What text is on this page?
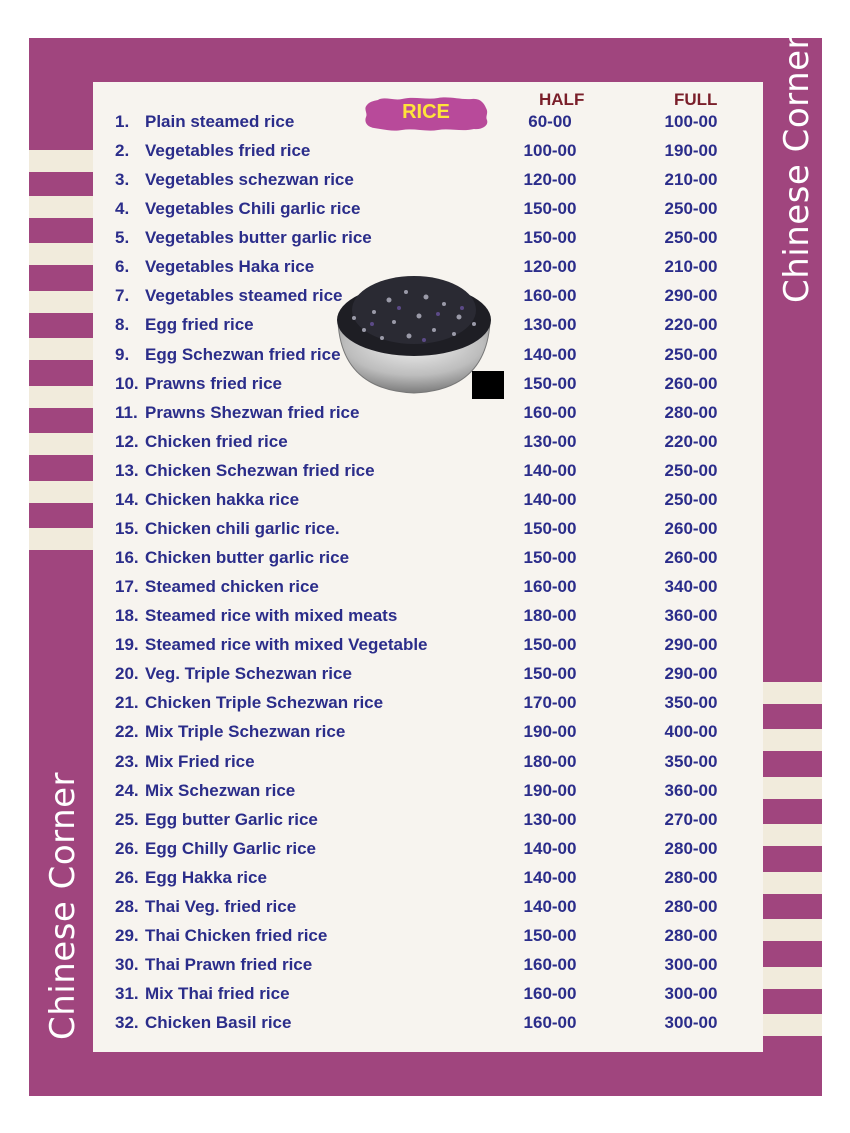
Chinese Corner
Chinese Corner
RICE
HALF	FULL
1. Plain steamed rice	60-00	100-00
2. Vegetables fried rice	100-00	190-00
3. Vegetables schezwan rice	120-00	210-00
4. Vegetables Chili garlic rice	150-00	250-00
5. Vegetables butter garlic rice	150-00	250-00
6. Vegetables Haka rice	120-00	210-00
7. Vegetables steamed rice	160-00	290-00
8. Egg fried rice	130-00	220-00
9. Egg Schezwan fried rice	140-00	250-00
10. Prawns fried rice	150-00	260-00
11. Prawns Shezwan fried rice	160-00	280-00
12. Chicken fried rice	130-00	220-00
13. Chicken Schezwan fried rice	140-00	250-00
14. Chicken hakka rice	140-00	250-00
15. Chicken chili garlic rice.	150-00	260-00
16. Chicken butter garlic rice	150-00	260-00
17. Steamed chicken rice	160-00	340-00
18. Steamed rice with mixed meats	180-00	360-00
19. Steamed rice with mixed Vegetable	150-00	290-00
20. Veg. Triple Schezwan rice	150-00	290-00
21. Chicken Triple Schezwan rice	170-00	350-00
22. Mix Triple Schezwan rice	190-00	400-00
23. Mix Fried rice	180-00	350-00
24. Mix Schezwan rice	190-00	360-00
25. Egg butter Garlic rice	130-00	270-00
26. Egg Chilly Garlic rice	140-00	280-00
26. Egg Hakka rice	140-00	280-00
28. Thai Veg. fried rice	140-00	280-00
29. Thai Chicken fried rice	150-00	280-00
30. Thai Prawn fried rice	160-00	300-00
31. Mix Thai fried rice	160-00	300-00
32. Chicken Basil rice	160-00	300-00
